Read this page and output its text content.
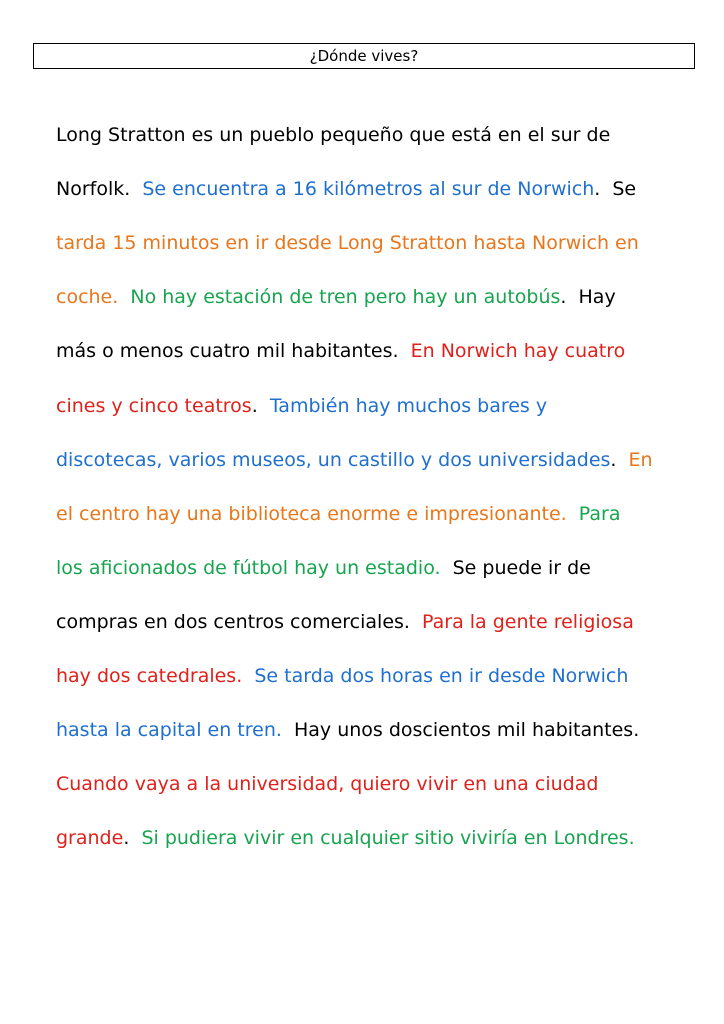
¿Dónde vives?
Long Stratton es un pueblo pequeño que está en el sur de
Norfolk.  Se encuentra a 16 kilómetros al sur de Norwich.  Se
tarda 15 minutos en ir desde Long Stratton hasta Norwich en
coche.  No hay estación de tren pero hay un autobús.  Hay
más o menos cuatro mil habitantes.  En Norwich hay cuatro
cines y cinco teatros.  También hay muchos bares y
discotecas, varios museos, un castillo y dos universidades.  En
el centro hay una biblioteca enorme e impresionante.  Para
los aficionados de fútbol hay un estadio.  Se puede ir de
compras en dos centros comerciales.  Para la gente religiosa
hay dos catedrales.  Se tarda dos horas en ir desde Norwich
hasta la capital en tren.  Hay unos doscientos mil habitantes.
Cuando vaya a la universidad, quiero vivir en una ciudad
grande.  Si pudiera vivir en cualquier sitio viviría en Londres.
